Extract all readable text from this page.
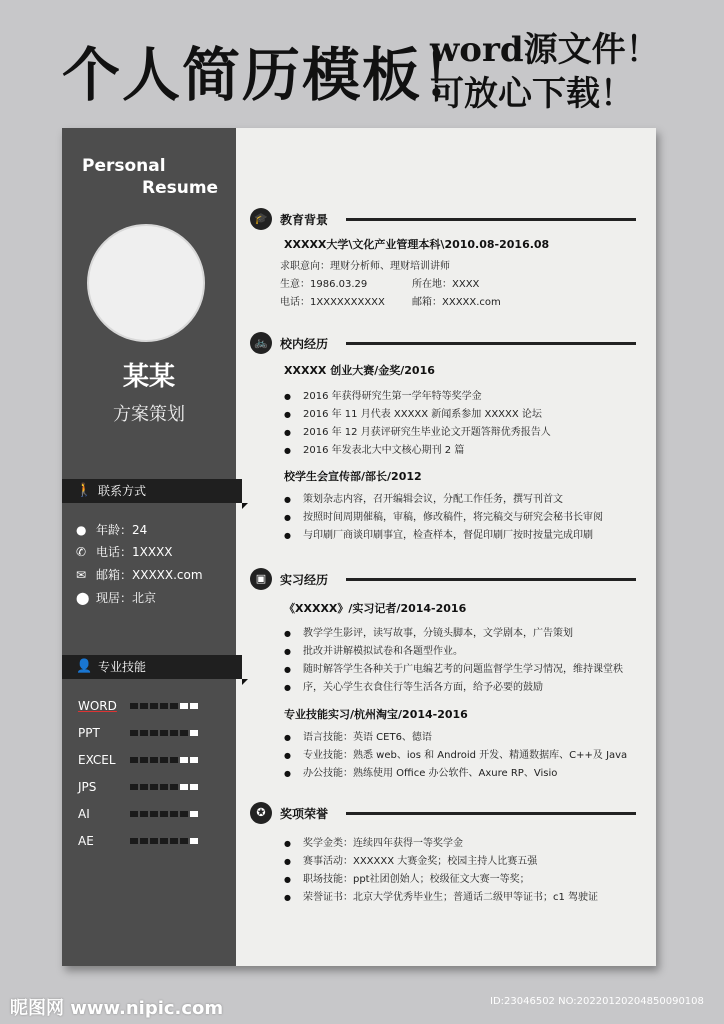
个人简历模板！
word源文件！
可放心下载！
Personal
Resume
某某
方案策划
🚶 联系方式
● 年龄：24
✆ 电话：1XXXX
✉ 邮箱：XXXXX.com
⬤ 现居：北京
👤 专业技能
WORD
PPT
EXCEL
JPS
AI
AE
🎓	教育背景
XXXXX大学\文化产业管理本科\2010.08-2016.08
求职意向：理财分析师、理财培训讲师
生意：1986.03.29	所在地：XXXX
电话：1XXXXXXXXXX	邮箱：XXXXX.com
🚲	校内经历
XXXXX 创业大赛/金奖/2016
● 2016 年获得研究生第一学年特等奖学金
● 2016 年 11 月代表 XXXXX 新闻系参加 XXXXX 论坛
● 2016 年 12 月获评研究生毕业论文开题答辩优秀报告人
● 2016 年发表北大中文核心期刊 2 篇
校学生会宣传部/部长/2012
● 策划杂志内容，召开编辑会议，分配工作任务，撰写刊首文
● 按照时间周期催稿，审稿，修改稿件，将完稿交与研究会秘书长审阅
● 与印刷厂商谈印刷事宜，检查样本，督促印刷厂按时按量完成印刷
▣	实习经历
《XXXXX》/实习记者/2014-2016
● 教学学生影评，读写故事，分镜头脚本，文学剧本，广告策划
● 批改并讲解模拟试卷和各题型作业。
● 随时解答学生各种关于广电编艺考的问题监督学生学习情况，维持课堂秩
● 序，关心学生衣食住行等生活各方面，给予必要的鼓励
专业技能实习/杭州淘宝/2014-2016
● 语言技能：英语 CET6、德语
● 专业技能：熟悉 web、ios 和 Android 开发、精通数据库、C++及 Java
● 办公技能：熟练使用 Office 办公软件、Axure RP、Visio
✪	奖项荣誉
● 奖学金类：连续四年获得一等奖学金
● 赛事活动：XXXXXX 大赛金奖；校园主持人比赛五强
● 职场技能：ppt社团创始人；校级征文大赛一等奖；
● 荣誉证书：北京大学优秀毕业生；普通话二级甲等证书；c1 驾驶证
昵图网 www.nipic.com	ID:23046502 NO:20220120204850090108
